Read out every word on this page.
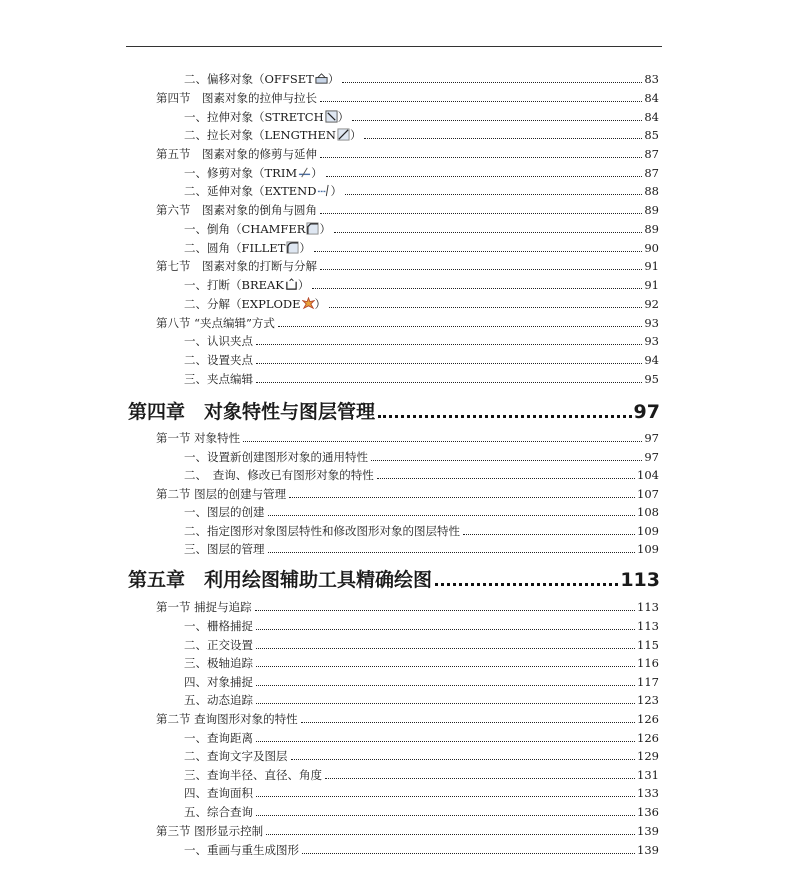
二、偏移对象（OFFSET ）	83
第四节　图素对象的拉伸与拉长	84
一、拉伸对象（STRETCH ）	84
二、拉长对象（LENGTHEN ）	85
第五节　图素对象的修剪与延伸	87
一、修剪对象（TRIM ）	87
二、延伸对象（EXTEND ）	88
第六节　图素对象的倒角与圆角	89
一、倒角（CHAMFER ）	89
二、圆角（FILLET ）	90
第七节　图素对象的打断与分解	91
一、打断（BREAK ）	91
二、分解（EXPLODE ）	92
第八节 “夹点编辑”方式	93
一、认识夹点	93
二、设置夹点	94
三、夹点编辑	95
第四章　对象特性与图层管理	97
第一节 对象特性	97
一、设置新创建图形对象的通用特性	97
二、　查询、修改已有图形对象的特性	104
第二节 图层的创建与管理	107
一、图层的创建	108
二、指定图形对象图层特性和修改图形对象的图层特性	109
三、图层的管理	109
第五章　利用绘图辅助工具精确绘图	113
第一节 捕捉与追踪	113
一、栅格捕捉	113
二、正交设置	115
三、极轴追踪	116
四、对象捕捉	117
五、动态追踪	123
第二节 查询图形对象的特性	126
一、查询距离	126
二、查询文字及图层	129
三、查询半径、直径、角度	131
四、查询面积	133
五、综合查询	136
第三节 图形显示控制	139
一、重画与重生成图形	139
